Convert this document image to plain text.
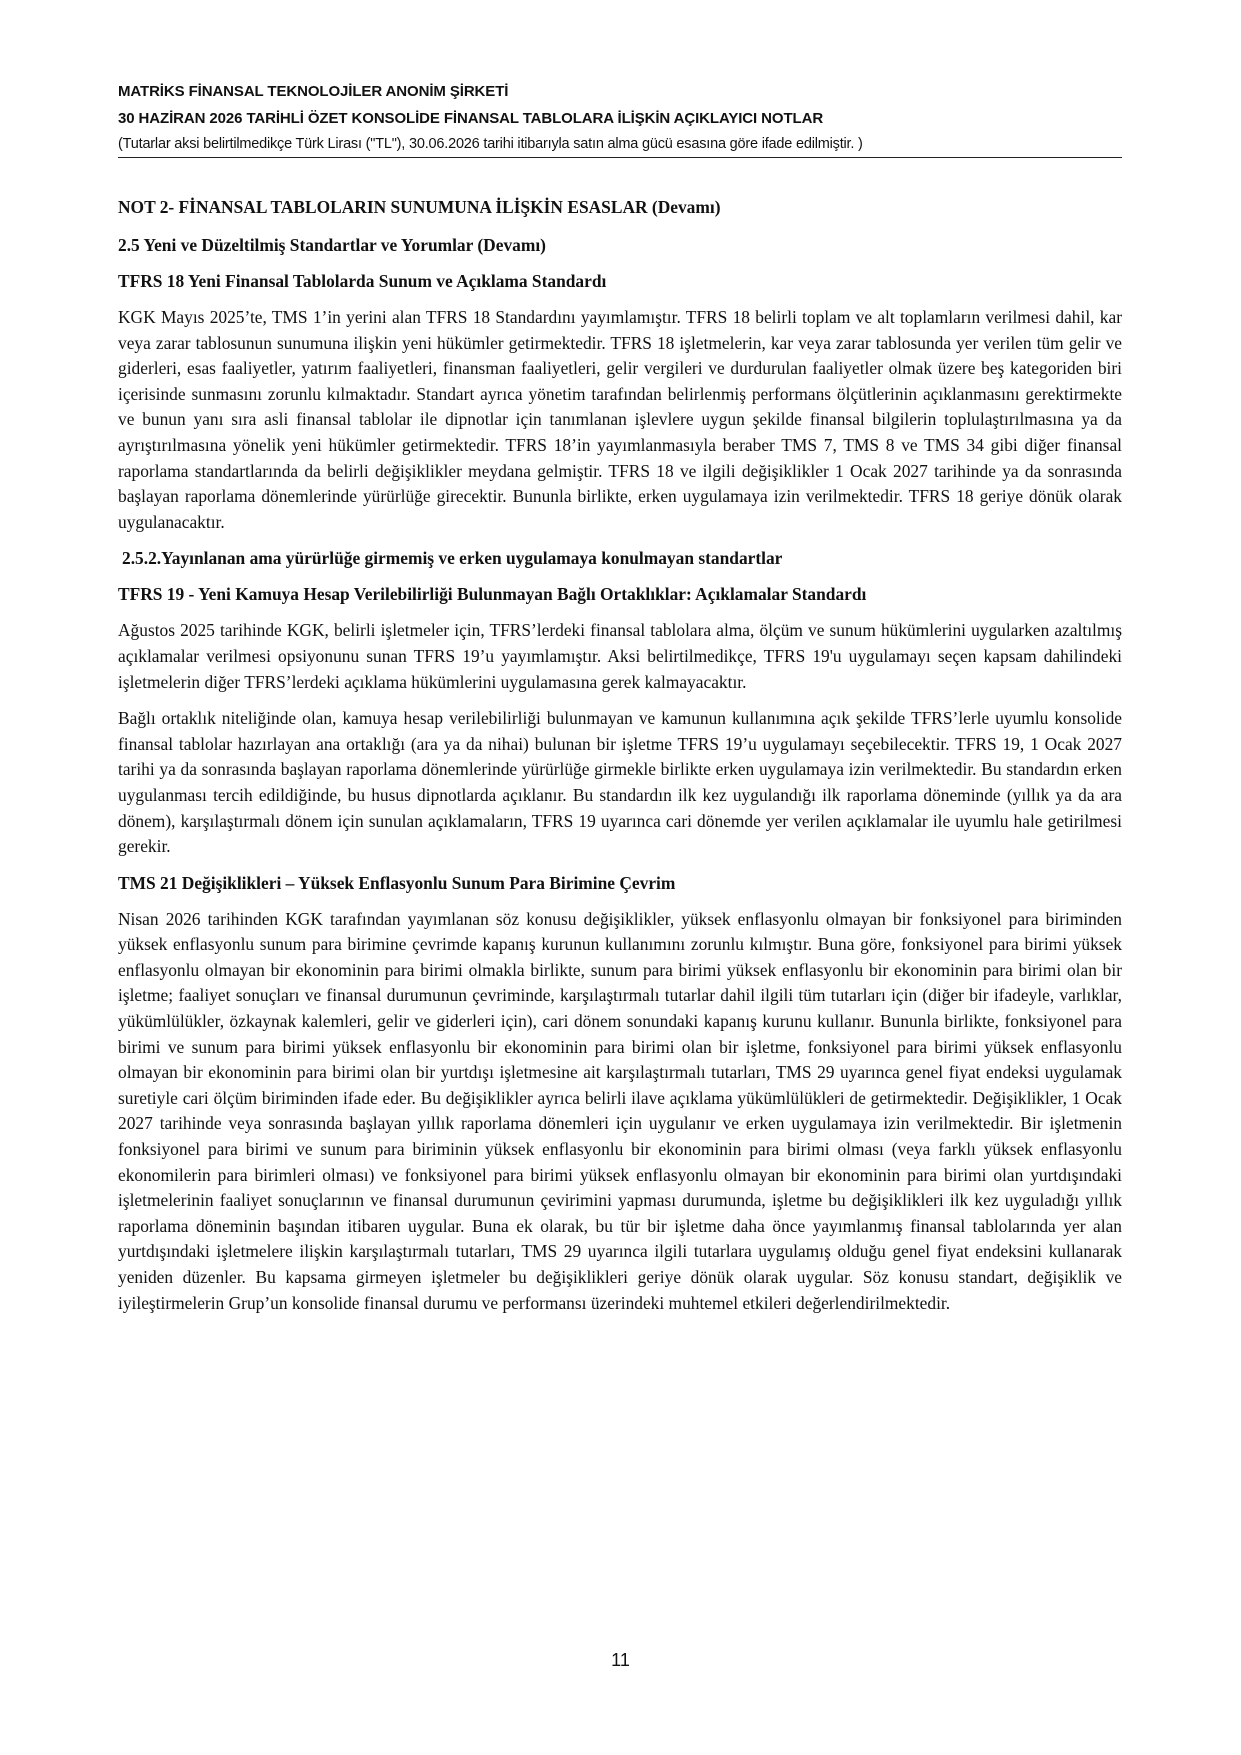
MATRİKS FİNANSAL TEKNOLOJİLER ANONİM ŞİRKETİ
30 HAZİRAN 2026 TARİHLİ ÖZET KONSOLİDE FİNANSAL TABLOLARA İLİŞKİN AÇIKLAYICI NOTLAR
(Tutarlar aksi belirtilmedikçe Türk Lirası ("TL"), 30.06.2026 tarihi itibarıyla satın alma gücü esasına göre ifade edilmiştir. )
NOT 2- FİNANSAL TABLOLARIN SUNUMUNA İLİŞKİN ESASLAR (Devamı)
2.5 Yeni ve Düzeltilmiş Standartlar ve Yorumlar (Devamı)
TFRS 18 Yeni Finansal Tablolarda Sunum ve Açıklama Standardı

KGK Mayıs 2025’te, TMS 1’in yerini alan TFRS 18 Standardını yayımlamıştır. TFRS 18 belirli toplam ve alt toplamların verilmesi dahil, kar veya zarar tablosunun sunumuna ilişkin yeni hükümler getirmektedir. TFRS 18 işletmelerin, kar veya zarar tablosunda yer verilen tüm gelir ve giderleri, esas faaliyetler, yatırım faaliyetleri, finansman faaliyetleri, gelir vergileri ve durdurulan faaliyetler olmak üzere beş kategoriden biri içerisinde sunmasını zorunlu kılmaktadır. Standart ayrıca yönetim tarafından belirlenmiş performans ölçütlerinin açıklanmasını gerektirmekte ve bunun yanı sıra asli finansal tablolar ile dipnotlar için tanımlanan işlevlere uygun şekilde finansal bilgilerin toplulaştırılmasına ya da ayrıştırılmasına yönelik yeni hükümler getirmektedir. TFRS 18’in yayımlanmasıyla beraber TMS 7, TMS 8 ve TMS 34 gibi diğer finansal raporlama standartlarında da belirli değişiklikler meydana gelmiştir. TFRS 18 ve ilgili değişiklikler 1 Ocak 2027 tarihinde ya da sonrasında başlayan raporlama dönemlerinde yürürlüğe girecektir. Bununla birlikte, erken uygulamaya izin verilmektedir. TFRS 18 geriye dönük olarak uygulanacaktır.

2.5.2.Yayınlanan ama yürürlüğe girmemiş ve erken uygulamaya konulmayan standartlar
TFRS 19 - Yeni Kamuya Hesap Verilebilirliği Bulunmayan Bağlı Ortaklıklar: Açıklamalar Standardı

Ağustos 2025 tarihinde KGK, belirli işletmeler için, TFRS’lerdeki finansal tablolara alma, ölçüm ve sunum hükümlerini uygularken azaltılmış açıklamalar verilmesi opsiyonunu sunan TFRS 19’u yayımlamıştır. Aksi belirtilmedikçe, TFRS 19'u uygulamayı seçen kapsam dahilindeki işletmelerin diğer TFRS’lerdeki açıklama hükümlerini uygulamasına gerek kalmayacaktır.

Bağlı ortaklık niteliğinde olan, kamuya hesap verilebilirliği bulunmayan ve kamunun kullanımına açık şekilde TFRS’lerle uyumlu konsolide finansal tablolar hazırlayan ana ortaklığı (ara ya da nihai) bulunan bir işletme TFRS 19’u uygulamayı seçebilecektir. TFRS 19, 1 Ocak 2027 tarihi ya da sonrasında başlayan raporlama dönemlerinde yürürlüğe girmekle birlikte erken uygulamaya izin verilmektedir. Bu standardın erken uygulanması tercih edildiğinde, bu husus dipnotlarda açıklanır. Bu standardın ilk kez uygulandığı ilk raporlama döneminde (yıllık ya da ara dönem), karşılaştırmalı dönem için sunulan açıklamaların, TFRS 19 uyarınca cari dönemde yer verilen açıklamalar ile uyumlu hale getirilmesi gerekir.

TMS 21 Değişiklikleri – Yüksek Enflasyonlu Sunum Para Birimine Çevrim

Nisan 2026 tarihinden KGK tarafından yayımlanan söz konusu değişiklikler, yüksek enflasyonlu olmayan bir fonksiyonel para biriminden yüksek enflasyonlu sunum para birimine çevrimde kapanış kurunun kullanımını zorunlu kılmıştır. Buna göre, fonksiyonel para birimi yüksek enflasyonlu olmayan bir ekonominin para birimi olmakla birlikte, sunum para birimi yüksek enflasyonlu bir ekonominin para birimi olan bir işletme; faaliyet sonuçları ve finansal durumunun çevriminde, karşılaştırmalı tutarlar dahil ilgili tüm tutarları için (diğer bir ifadeyle, varlıklar, yükümlülükler, özkaynak kalemleri, gelir ve giderleri için), cari dönem sonundaki kapanış kurunu kullanır. Bununla birlikte, fonksiyonel para birimi ve sunum para birimi yüksek enflasyonlu bir ekonominin para birimi olan bir işletme, fonksiyonel para birimi yüksek enflasyonlu olmayan bir ekonominin para birimi olan bir yurtdışı işletmesine ait karşılaştırmalı tutarları, TMS 29 uyarınca genel fiyat endeksi uygulamak suretiyle cari ölçüm biriminden ifade eder. Bu değişiklikler ayrıca belirli ilave açıklama yükümlülükleri de getirmektedir. Değişiklikler, 1 Ocak 2027 tarihinde veya sonrasında başlayan yıllık raporlama dönemleri için uygulanır ve erken uygulamaya izin verilmektedir. Bir işletmenin fonksiyonel para birimi ve sunum para biriminin yüksek enflasyonlu bir ekonominin para birimi olması (veya farklı yüksek enflasyonlu ekonomilerin para birimleri olması) ve fonksiyonel para birimi yüksek enflasyonlu olmayan bir ekonominin para birimi olan yurtdışındaki işletmelerinin faaliyet sonuçlarının ve finansal durumunun çevirimini yapması durumunda, işletme bu değişiklikleri ilk kez uyguladığı yıllık raporlama döneminin başından itibaren uygular. Buna ek olarak, bu tür bir işletme daha önce yayımlanmış finansal tablolarında yer alan yurtdışındaki işletmelere ilişkin karşılaştırmalı tutarları, TMS 29 uyarınca ilgili tutarlara uygulamış olduğu genel fiyat endeksini kullanarak yeniden düzenler. Bu kapsama girmeyen işletmeler bu değişiklikleri geriye dönük olarak uygular. Söz konusu standart, değişiklik ve iyileştirmelerin Grup’un konsolide finansal durumu ve performansı üzerindeki muhtemel etkileri değerlendirilmektedir.

11
